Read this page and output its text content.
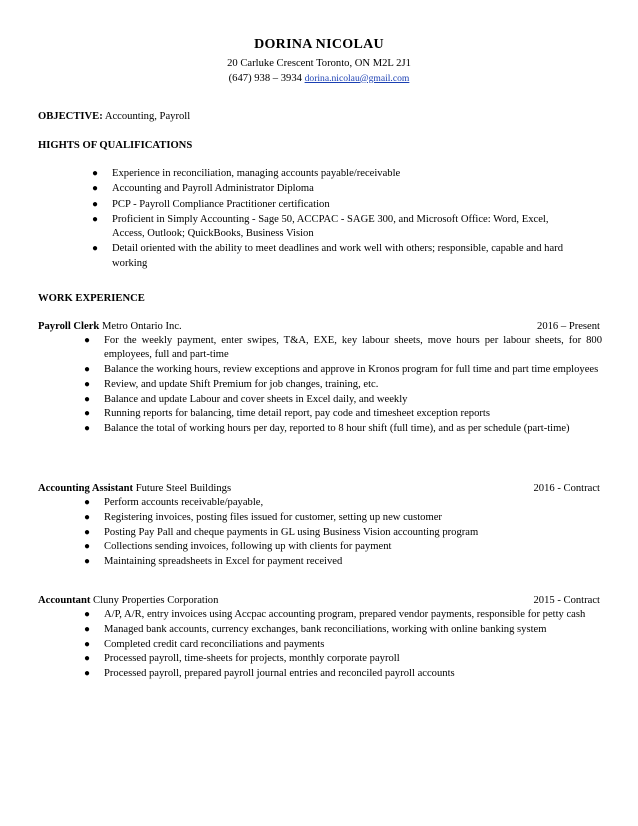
DORINA NICOLAU
20 Carluke Crescent Toronto, ON M2L 2J1
(647) 938 – 3934 dorina.nicolau@gmail.com
OBJECTIVE: Accounting, Payroll
HIGHTS OF QUALIFICATIONS
● Experience in reconciliation, managing accounts payable/receivable
● Accounting and Payroll Administrator Diploma
● PCP - Payroll Compliance Practitioner certification
● Proficient in Simply Accounting - Sage 50, ACCPAC - SAGE 300, and Microsoft Office: Word, Excel, Access, Outlook; QuickBooks, Business Vision
● Detail oriented with the ability to meet deadlines and work well with others; responsible, capable and hard working
WORK EXPERIENCE
Payroll Clerk Metro Ontario Inc.	2016 – Present
● For the weekly payment, enter swipes, T&A, EXE, key labour sheets, move hours per labour sheets, for 800 employees, full and part-time
● Balance the working hours, review exceptions and approve in Kronos program for full time and part time employees
● Review, and update Shift Premium for job changes, training, etc.
● Balance and update Labour and cover sheets in Excel daily, and weekly
● Running reports for balancing, time detail report, pay code and timesheet exception reports
● Balance the total of working hours per day, reported to 8 hour shift (full time), and as per schedule (part-time)
Accounting Assistant Future Steel Buildings	2016 - Contract
● Perform accounts receivable/payable,
● Registering invoices, posting files issued for customer, setting up new customer
● Posting Pay Pall and cheque payments in GL using Business Vision accounting program
● Collections sending invoices, following up with clients for payment
● Maintaining spreadsheets in Excel for payment received
Accountant Cluny Properties Corporation	2015 - Contract
● A/P, A/R, entry invoices using Accpac accounting program, prepared vendor payments, responsible for petty cash
● Managed bank accounts, currency exchanges, bank reconciliations, working with online banking system
● Completed credit card reconciliations and payments
● Processed payroll, time-sheets for projects, monthly corporate payroll
● Processed payroll, prepared payroll journal entries and reconciled payroll accounts
